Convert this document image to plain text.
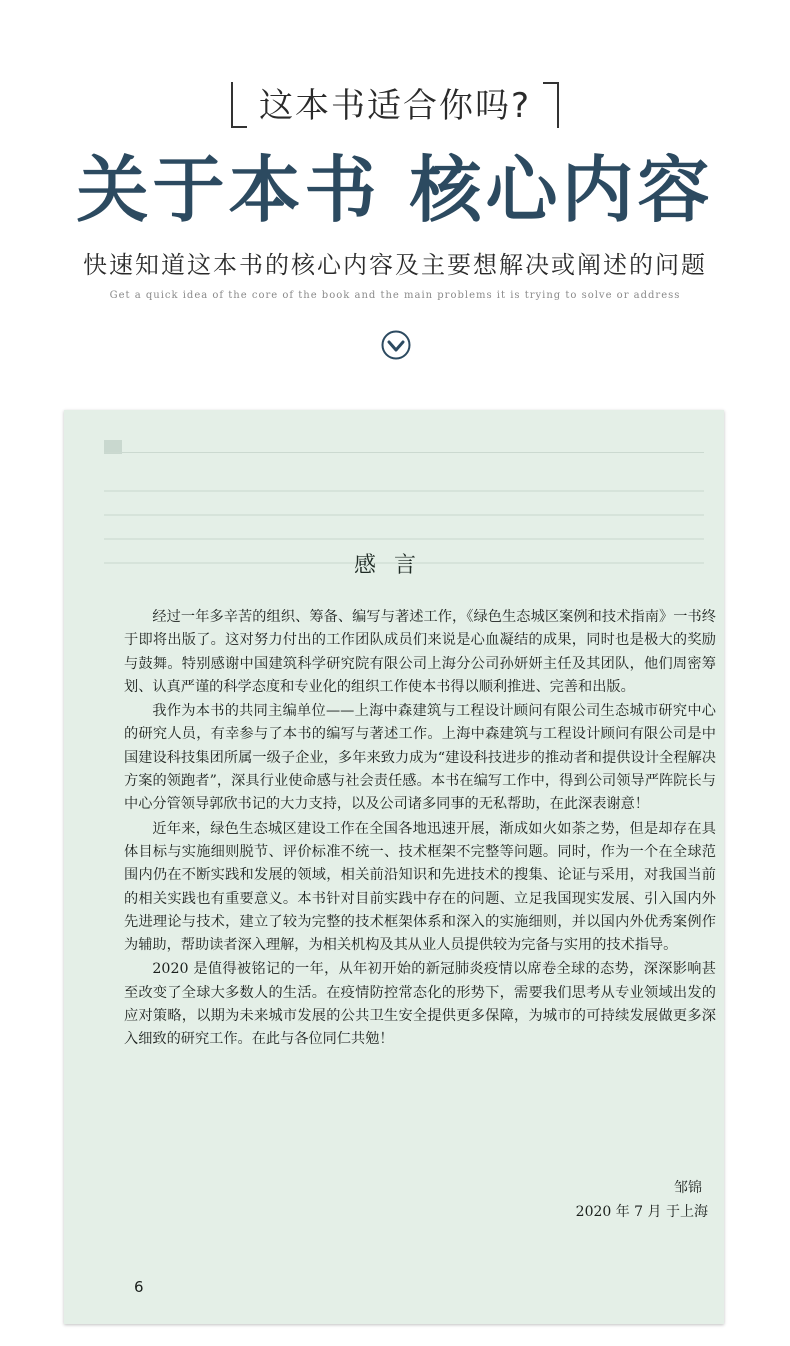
这本书适合你吗?
关于本书 核心内容
快速知道这本书的核心内容及主要想解决或阐述的问题
Get a quick idea of the core of the book and the main problems it is trying to solve or address
感言

经过一年多辛苦的组织、筹备、编写与著述工作，《绿色生态城区案例和技术指南》一书终于即将出版了。这对努力付出的工作团队成员们来说是心血凝结的成果，同时也是极大的奖励与鼓舞。特别感谢中国建筑科学研究院有限公司上海分公司孙妍妍主任及其团队，他们周密筹划、认真严谨的科学态度和专业化的组织工作使本书得以顺利推进、完善和出版。

我作为本书的共同主编单位——上海中森建筑与工程设计顾问有限公司生态城市研究中心的研究人员，有幸参与了本书的编写与著述工作。上海中森建筑与工程设计顾问有限公司是中国建设科技集团所属一级子企业，多年来致力成为“建设科技进步的推动者和提供设计全程解决方案的领跑者”，深具行业使命感与社会责任感。本书在编写工作中，得到公司领导严阵院长与中心分管领导郭欣书记的大力支持，以及公司诸多同事的无私帮助，在此深表谢意！

近年来，绿色生态城区建设工作在全国各地迅速开展，渐成如火如荼之势，但是却存在具体目标与实施细则脱节、评价标准不统一、技术框架不完整等问题。同时，作为一个在全球范围内仍在不断实践和发展的领域，相关前沿知识和先进技术的搜集、论证与采用，对我国当前的相关实践也有重要意义。本书针对目前实践中存在的问题、立足我国现实发展、引入国内外先进理论与技术，建立了较为完整的技术框架体系和深入的实施细则，并以国内外优秀案例作为辅助，帮助读者深入理解，为相关机构及其从业人员提供较为完备与实用的技术指导。

2020 是值得被铭记的一年，从年初开始的新冠肺炎疫情以席卷全球的态势，深深影响甚至改变了全球大多数人的生活。在疫情防控常态化的形势下，需要我们思考从专业领域出发的应对策略，以期为未来城市发展的公共卫生安全提供更多保障，为城市的可持续发展做更多深入细致的研究工作。在此与各位同仁共勉！

邹锦
2020 年 7 月 于上海
6
